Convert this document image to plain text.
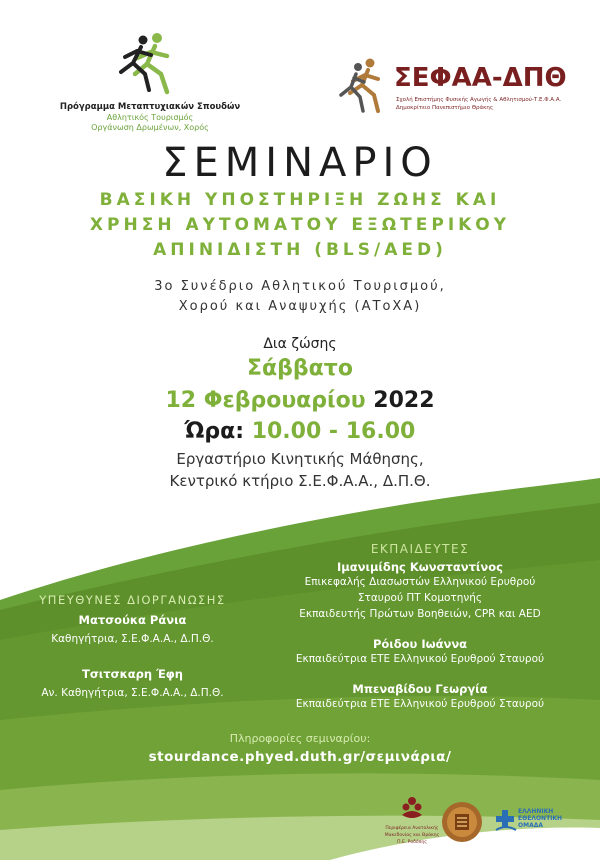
Πρόγραμμα Μεταπτυχιακών Σπουδών
Αθλητικός Τουρισμός
Οργάνωση Δρωμένων, Χορός
ΣΕΦΑΑ-ΔΠΘ
Σχολή Επιστήμης Φυσικής Αγωγής & Αθλητισμού-Τ.Ε.Φ.Α.Α.
Δημοκρίτειο Πανεπιστήμιο Θράκης
ΣΕΜΙΝΑΡΙΟ
ΒΑΣΙΚΗ ΥΠΟΣΤΗΡΙΞΗ ΖΩΗΣ ΚΑΙ
ΧΡΗΣΗ ΑΥΤΟΜΑΤΟΥ ΕΞΩΤΕΡΙΚΟΥ
ΑΠΙΝΙΔΙΣΤΗ (BLS/AED)
3ο Συνέδριο Αθλητικού Τουρισμού,
Χορού και Αναψυχής (ΑΤοΧΑ)
Δια ζώσης
Σάββατο
12 Φεβρουαρίου 2022
Ώρα: 10.00 - 16.00
Εργαστήριο Κινητικής Μάθησης,
Κεντρικό κτήριο Σ.Ε.Φ.Α.Α., Δ.Π.Θ.
ΕΚΠΑΙΔΕΥΤΕΣ
Ιμανιμίδης Κωνσταντίνος
Επικεφαλής Διασωστών Ελληνικού Ερυθρού
Σταυρού ΠΤ Κομοτηνής
Εκπαιδευτής Πρώτων Βοηθειών, CPR και AED
Ρόιδου Ιωάννα
Εκπαιδεύτρια ΕΤΕ Ελληνικού Ερυθρού Σταυρού
Μπεναβίδου Γεωργία
Εκπαιδεύτρια ΕΤΕ Ελληνικού Ερυθρού Σταυρού
ΥΠΕΥΘΥΝΕΣ ΔΙΟΡΓΑΝΩΣΗΣ
Ματσούκα Ράνια
Καθηγήτρια, Σ.Ε.Φ.Α.Α., Δ.Π.Θ.
Τσιτσκαρη Έφη
Αν. Καθηγήτρια, Σ.Ε.Φ.Α.Α., Δ.Π.Θ.
Πληροφορίες σεμιναρίου:
stourdance.phyed.duth.gr/σεμινάρια/
Περιφέρεια Ανατολικής
Μακεδονίας και Θράκης
Π.Ε. Ροδόπης
ΕΛΛΗΝΙΚΗ
ΕΘΕΛΟΝΤΙΚΗ
ΟΜΑΔΑ
